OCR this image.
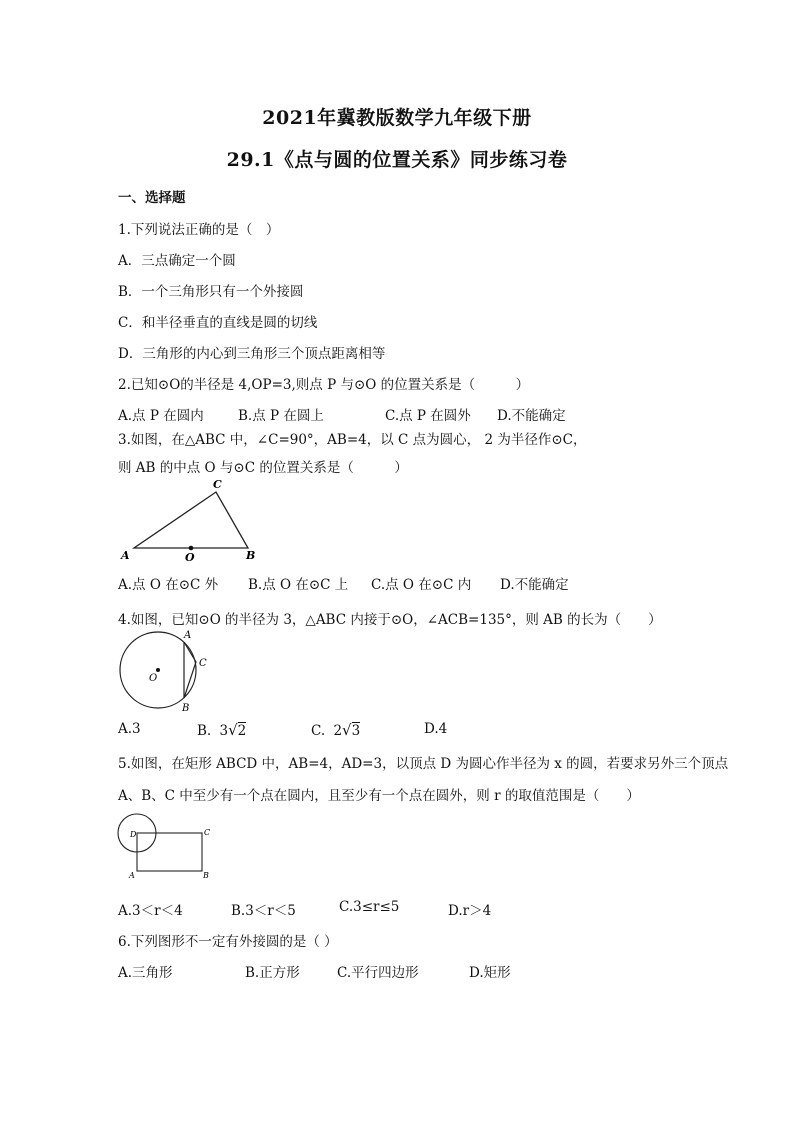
2021年冀教版数学九年级下册
29.1《点与圆的位置关系》同步练习卷
一、选择题
1.下列说法正确的是（　）
A．三点确定一个圆
B．一个三角形只有一个外接圆
C．和半径垂直的直线是圆的切线
D．三角形的内心到三角形三个顶点距离相等
2.已知⊙O的半径是 4,OP=3,则点 P 与⊙O 的位置关系是（　　　）
A.点 P 在圆内	B.点 P 在圆上	C.点 P 在圆外 D.不能确定
3.如图，在△ABC 中，∠C=90°，AB=4，以 C 点为圆心， 2 为半径作⊙C，
则 AB 的中点 O 与⊙C 的位置关系是（　　　）
A	B
C
O
A.点 O 在⊙C 外 B.点 O 在⊙C 上 C.点 O 在⊙C 内 D.不能确定
4.如图，已知⊙O 的半径为 3，△ABC 内接于⊙O，∠ACB=135°，则 AB 的长为（　　）
A
C
B
O
A.3	B. 3√2	C. 2√3	D.4
5.如图，在矩形 ABCD 中，AB=4，AD=3，以顶点 D 为圆心作半径为 x 的圆，若要求另外三个顶点
A、B、C 中至少有一个点在圆内，且至少有一个点在圆外，则 r 的取值范围是（　　）
D	C
A	B
A.3＜r＜4	B.3＜r＜5	C.3≤r≤5	D.r＞4
6.下列图形不一定有外接圆的是（ ）
A.三角形	B.正方形	C.平行四边形	D.矩形
